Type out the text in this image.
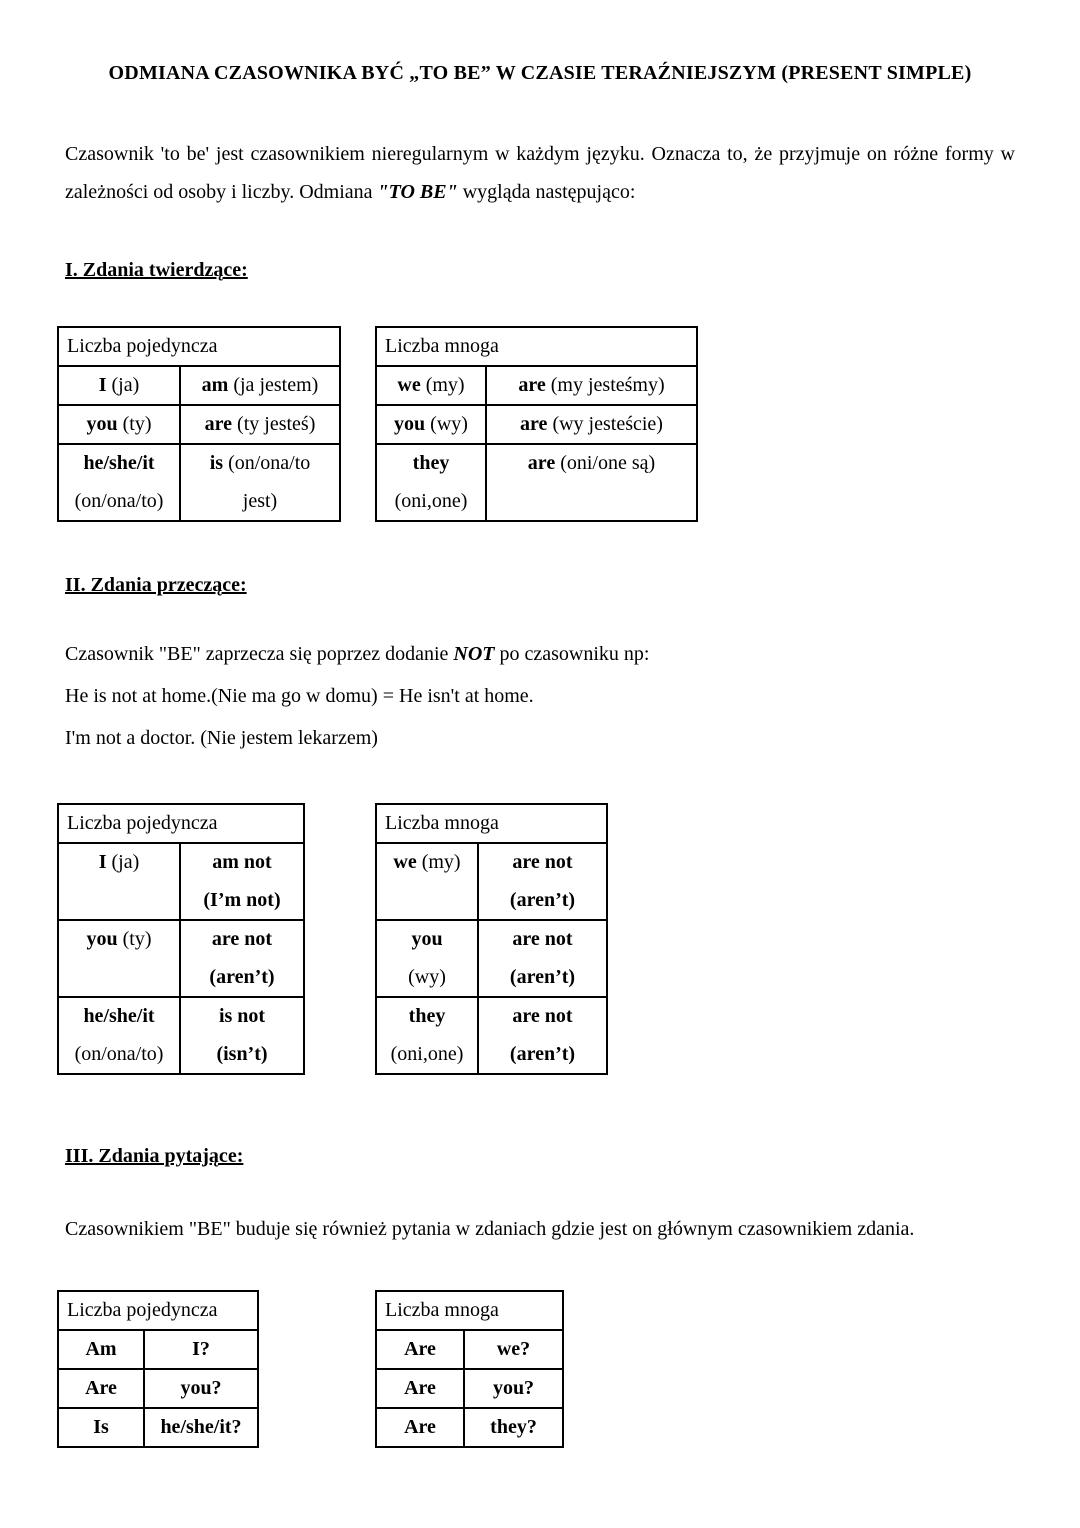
ODMIANA CZASOWNIKA BYĆ „TO BE” W CZASIE TERAŹNIEJSZYM (PRESENT SIMPLE)

Czasownik 'to be' jest czasownikiem nieregularnym w każdym języku. Oznacza to, że przyjmuje on różne formy w zależności od osoby i liczby. Odmiana "TO BE" wygląda następująco:

I. Zdania twierdzące:
Liczba pojedyncza	
I (ja)	am (ja jestem)
you (ty)	are (ty jesteś)
he/she/it
(on/ona/to)	is (on/ona/to
jest)
Liczba mnoga	
we (my)	are (my jesteśmy)
you (wy)	are (wy jesteście)
they
(oni,one)	are (oni/one są)
II. Zdania przeczące:
Czasownik "BE" zaprzecza się poprzez dodanie NOT po czasowniku np:
He is not at home.(Nie ma go w domu) = He isn't at home.
I'm not a doctor. (Nie jestem lekarzem)
Liczba pojedyncza	
I (ja)	am not
(I’m not)

you (ty)	are not
(aren’t)

he/she/it
(on/ona/to)	is not
(isn’t)
Liczba mnoga	
we (my)	are not
(aren’t)

you
(wy)	are not
(aren’t)

they
(oni,one)	are not
(aren’t)
III. Zdania pytające:
Czasownikiem "BE" buduje się również pytania w zdaniach gdzie jest on głównym czasownikiem zdania.
Liczba pojedyncza	
Am	I?
Are	you?
Is	he/she/it?
Liczba mnoga	
Are	we?
Are	you?
Are	they?
